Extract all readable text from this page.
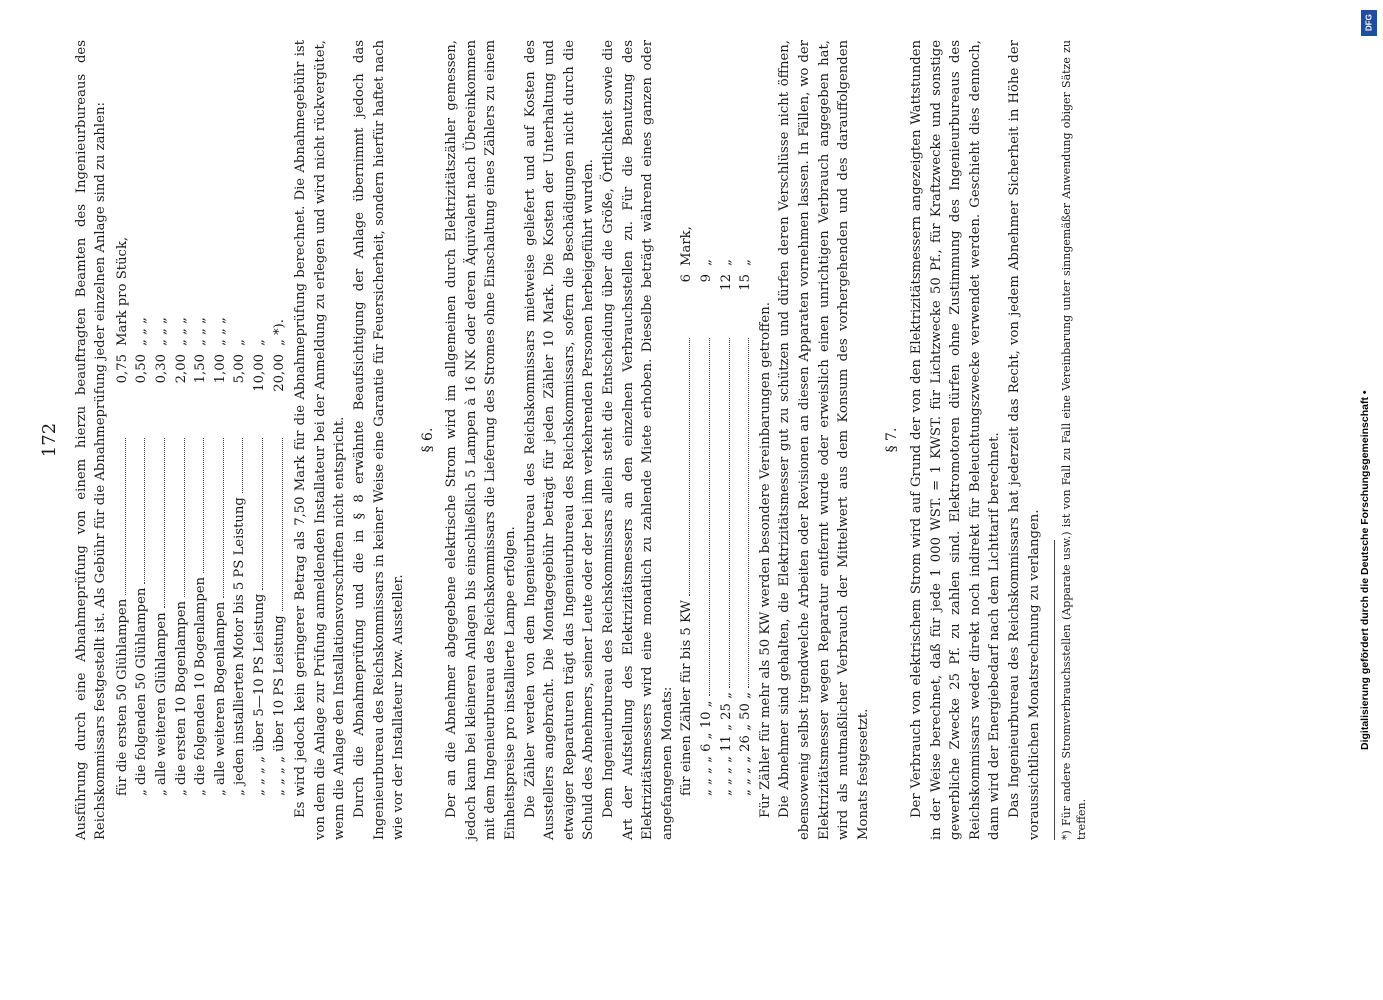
172 Ausführung durch eine Abnahmeprüfung von einem hierzu beauftragten Beamten des Ingenieurbureaus des Reichskommissars festgestellt ist. Als Gebühr für die Abnahmeprüfung jeder einzelnen Anlage sind zu zahlen: für die ersten 50 Glühlampen
0,75
Mark pro Stück,
„ die folgenden 50 Glühlampen
0,50
„ „ „
„ alle weiteren Glühlampen
0,30
„ „ „
„ die ersten 10 Bogenlampen
2,00
„ „ „
„ die folgenden 10 Bogenlampen
1,50
„ „ „
„ alle weiteren Bogenlampen
1,00
„ „ „
„ jeden installierten Motor bis 5 PS Leistung
5,00
„
„ „ „ „ über 5—10 PS Leistung
10,00
„
„ „ „ „ über 10 PS Leistung
20,00
„ *). Es wird jedoch kein geringerer Betrag als 7,50 Mark für die Abnahmeprüfung berechnet. Die Abnahmegebühr ist von dem die Anlage zur Prüfung anmeldenden Installateur bei der Anmeldung zu erlegen und wird nicht rückvergütet, wenn die Anlage den Installationsvorschriften nicht entspricht. Durch die Abnahmeprüfung und die in § 8 erwähnte Beaufsichtigung der Anlage übernimmt jedoch das Ingenieurbureau des Reichskommissars in keiner Weise eine Garantie für Feuersicherheit, sondern hierfür haftet nach wie vor der Installateur bzw. Aussteller.

§ 6. Der an die Abnehmer abgegebene elektrische Strom wird im allgemeinen durch Elektrizitätszähler gemessen, jedoch kann bei kleineren Anlagen bis einschließlich 5 Lampen à 16 NK oder deren Äquivalent nach Übereinkommen mit dem Ingenieurbureau des Reichskommissars die Lieferung des Stromes ohne Einschaltung eines Zählers zu einem Einheitspreise pro installierte Lampe erfolgen. Die Zähler werden von dem Ingenieurbureau des Reichskommissars mietweise geliefert und auf Kosten des Ausstellers angebracht. Die Montagegebühr beträgt für jeden Zähler 10 Mark. Die Kosten der Unterhaltung und etwaiger Reparaturen trägt das Ingenieurbureau des Reichskommissars, sofern die Beschädigungen nicht durch die Schuld des Abnehmers, seiner Leute oder der bei ihm verkehrenden Personen herbeigeführt wurden. Dem Ingenieurbureau des Reichskommissars allein steht die Entscheidung über die Größe, Örtlichkeit sowie die Art der Aufstellung des Elektrizitätsmessers an den einzelnen Verbrauchsstellen zu. Für die Benutzung des Elektrizitätsmessers wird eine monatlich zu zahlende Miete erhoben. Dieselbe beträgt während eines ganzen oder angefangenen Monats: für einen Zähler für bis 5 KW
6
Mark,
„ „ „ „ 6 „ 10 „
9
„
„ „ „ „ 11 „ 25 „
12
„
„ „ „ „ 26 „ 50 „
15
„

Für Zähler für mehr als 50 KW werden besondere Vereinbarungen getroffen. Die Abnehmer sind gehalten, die Elektrizitätsmesser gut zu schützen und dürfen deren Verschlüsse nicht öffnen, ebensowenig selbst irgendwelche Arbeiten oder Revisionen an diesen Apparaten vornehmen lassen. In Fällen, wo der Elektrizitätsmesser wegen Reparatur entfernt wurde oder erweislich einen unrichtigen Verbrauch angegeben hat, wird als mutmaßlicher Verbrauch der Mittelwert aus dem Konsum des vorhergehenden und des darauffolgenden Monats festgesetzt.

§ 7. Der Verbrauch von elektrischem Strom wird auf Grund der von den Elektrizitätsmessern angezeigten Wattstunden in der Weise berechnet, daß für jede 1 000 WST. = 1 KWST. für Lichtzwecke 50 Pf., für Kraftzwecke und sonstige gewerbliche Zwecke 25 Pf. zu zahlen sind. Elektromotoren dürfen ohne Zustimmung des Ingenieurbureaus des Reichskommissars weder direkt noch indirekt für Beleuchtungszwecke verwendet werden. Geschieht dies dennoch, dann wird der Energiebedarf nach dem Lichttarif berechnet. Das Ingenieurbureau des Reichskommissars hat jederzeit das Recht, von jedem Abnehmer Sicherheit in Höhe der voraussichtlichen Monatsrechnung zu verlangen. *) Für andere Stromverbrauchsstellen (Apparate usw.) ist von Fall zu Fall eine Vereinbarung unter sinngemäßer Anwendung obiger Sätze zu treffen.

DFG
Digitalisierung gefördert durch die Deutsche Forschungsgemeinschaft •
